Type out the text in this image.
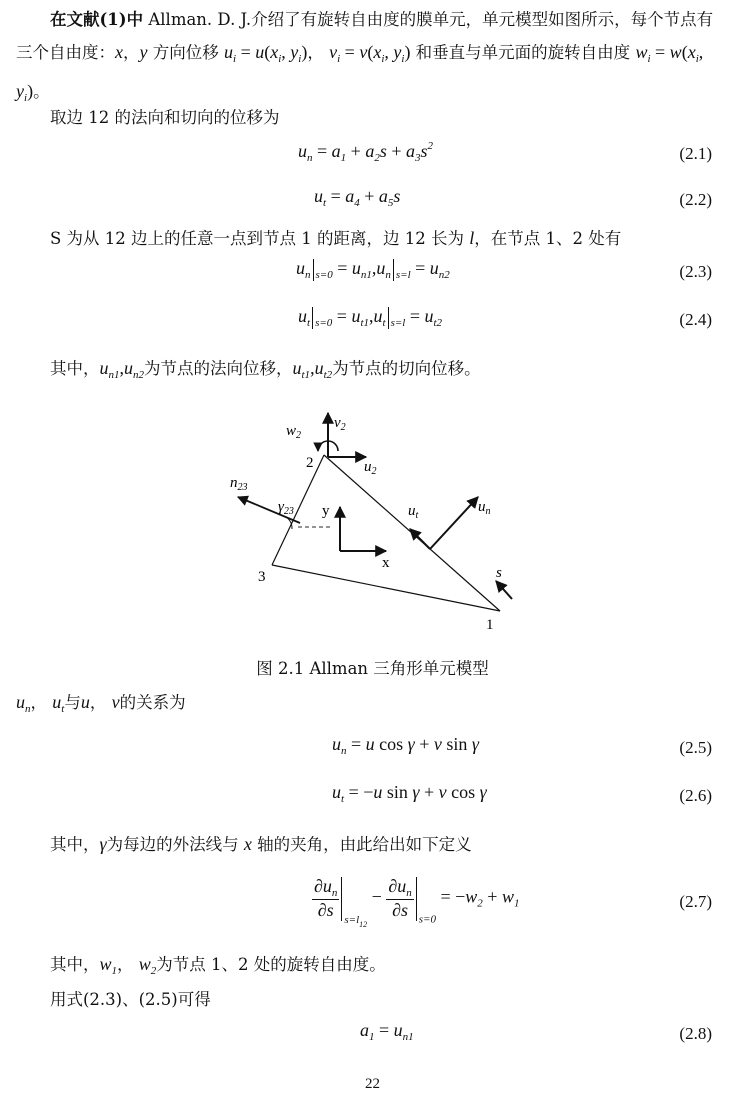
在文献(1)中 Allman. D. J.介绍了有旋转自由度的膜单元，单元模型如图所示，每个节点有三个自由度：x，y 方向位移 $u_i = u(x_i$, $y_i$)， $v_i = v(x_i$, $y_i$) 和垂直与单元面的旋转自由度 $w_i = w(x_i$, $y_i$)。
取边 12 的法向和切向的位移为
$u_n = a_1 + a_2s + a_3s^2$	(2.1)
$u_t = a_4 + a_5s$	(2.2)
S 为从 12 边上的任意一点到节点 1 的距离，边 12 长为 l，在节点 1、2 处有
$u_n$ $_{s=0} = u_{n1},u_n$ $_{s=l} = u_{n2}$	(2.3)
$u_t$ $_{s=0} = u_{t1},u_t$ $_{s=l} = u_{t2}$	(2.4)
其中，$u_{n1},u_{n2}$为节点的法向位移，$u_{t1},u_{t2}$为节点的切向位移。
1
2
3
$v_2$
$w_2$
$u_2$
$n_{23}$
$\gamma_{23}$ y
x
$u_t$
$u_n$
s
图 2.1 Allman 三角形单元模型
$u_n$， $u_t$与u， v的关系为
$u_n = u$ cos γ + v sin γ	(2.5)
$u_t = -u$ sin γ + v cos γ	(2.6)
其中，γ为每边的外法线与 x 轴的夹角，由此给出如下定义
$\frac{\partial u_n}{\partial s} _{s=l_{12}} - \frac{\partial u_n}{\partial s} _{s=0} = -w_2 + w_1$	(2.7)
其中，$w_1$， $w_2$为节点 1、2 处的旋转自由度。
用式(2.3)、(2.5)可得
$a_1 = u_{n1}$	(2.8)
22
